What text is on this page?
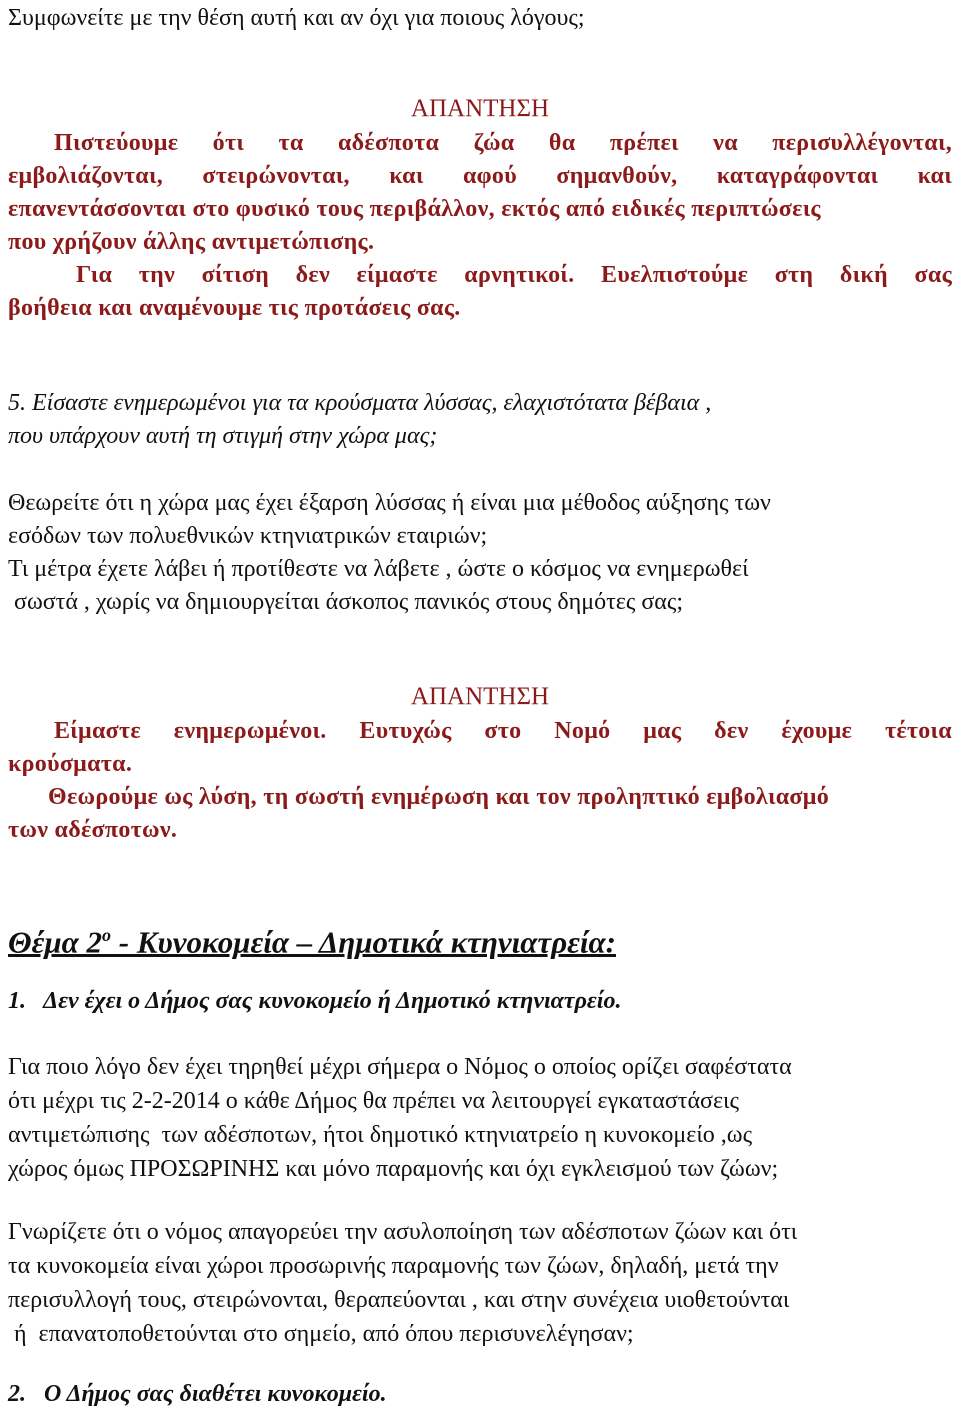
Συμφωνείτε με την θέση αυτή και αν όχι για ποιους λόγους;
ΑΠΑΝΤΗΣΗ
Πιστεύουμε ότι τα αδέσποτα ζώα θα πρέπει να περισυλλέγονται,
εμβολιάζονται, στειρώνονται, και αφού σημανθούν, καταγράφονται και
επανεντάσσονται στο φυσικό τους περιβάλλον, εκτός από ειδικές περιπτώσεις
που χρήζουν άλλης αντιμετώπισης.
Για την σίτιση δεν είμαστε αρνητικοί. Ευελπιστούμε στη δική σας
βοήθεια και αναμένουμε τις προτάσεις σας.
5. Είσαστε ενημερωμένοι για τα κρούσματα λύσσας, ελαχιστότατα βέβαια ,
που υπάρχουν αυτή τη στιγμή στην χώρα μας;
Θεωρείτε ότι η χώρα μας έχει έξαρση λύσσας ή είναι μια μέθοδος αύξησης των
εσόδων των πολυεθνικών κτηνιατρικών εταιριών;
Τι μέτρα έχετε λάβει ή προτίθεστε να λάβετε , ώστε ο κόσμος να ενημερωθεί
σωστά , χωρίς να δημιουργείται άσκοπος πανικός στους δημότες σας;
ΑΠΑΝΤΗΣΗ
Είμαστε ενημερωμένοι. Ευτυχώς στο Νομό μας δεν έχουμε τέτοια
κρούσματα.
Θεωρούμε ως λύση, τη σωστή ενημέρωση και τον προληπτικό εμβολιασμό
των αδέσποτων.
Θέμα $2^o$ - Κυνοκομεία – Δημοτικά κτηνιατρεία:
1.   Δεν έχει ο Δήμος σας κυνοκομείο ή Δημοτικό κτηνιατρείο.
Για ποιο λόγο δεν έχει τηρηθεί μέχρι σήμερα ο Νόμος ο οποίος ορίζει σαφέστατα
ότι μέχρι τις 2-2-2014 ο κάθε Δήμος θα πρέπει να λειτουργεί εγκαταστάσεις
αντιμετώπισης  των αδέσποτων, ήτοι δημοτικό κτηνιατρείο η κυνοκομείο ,ως
χώρος όμως ΠΡΟΣΩΡΙΝΗΣ και μόνο παραμονής και όχι εγκλεισμού των ζώων;
Γνωρίζετε ότι ο νόμος απαγορεύει την ασυλοποίηση των αδέσποτων ζώων και ότι
τα κυνοκομεία είναι χώροι προσωρινής παραμονής των ζώων, δηλαδή, μετά την
περισυλλογή τους, στειρώνονται, θεραπεύονται , και στην συνέχεια υιοθετούνται
ή  επανατοποθετούνται στο σημείο, από όπου περισυνελέγησαν;
2.   Ο Δήμος σας διαθέτει κυνοκομείο.
